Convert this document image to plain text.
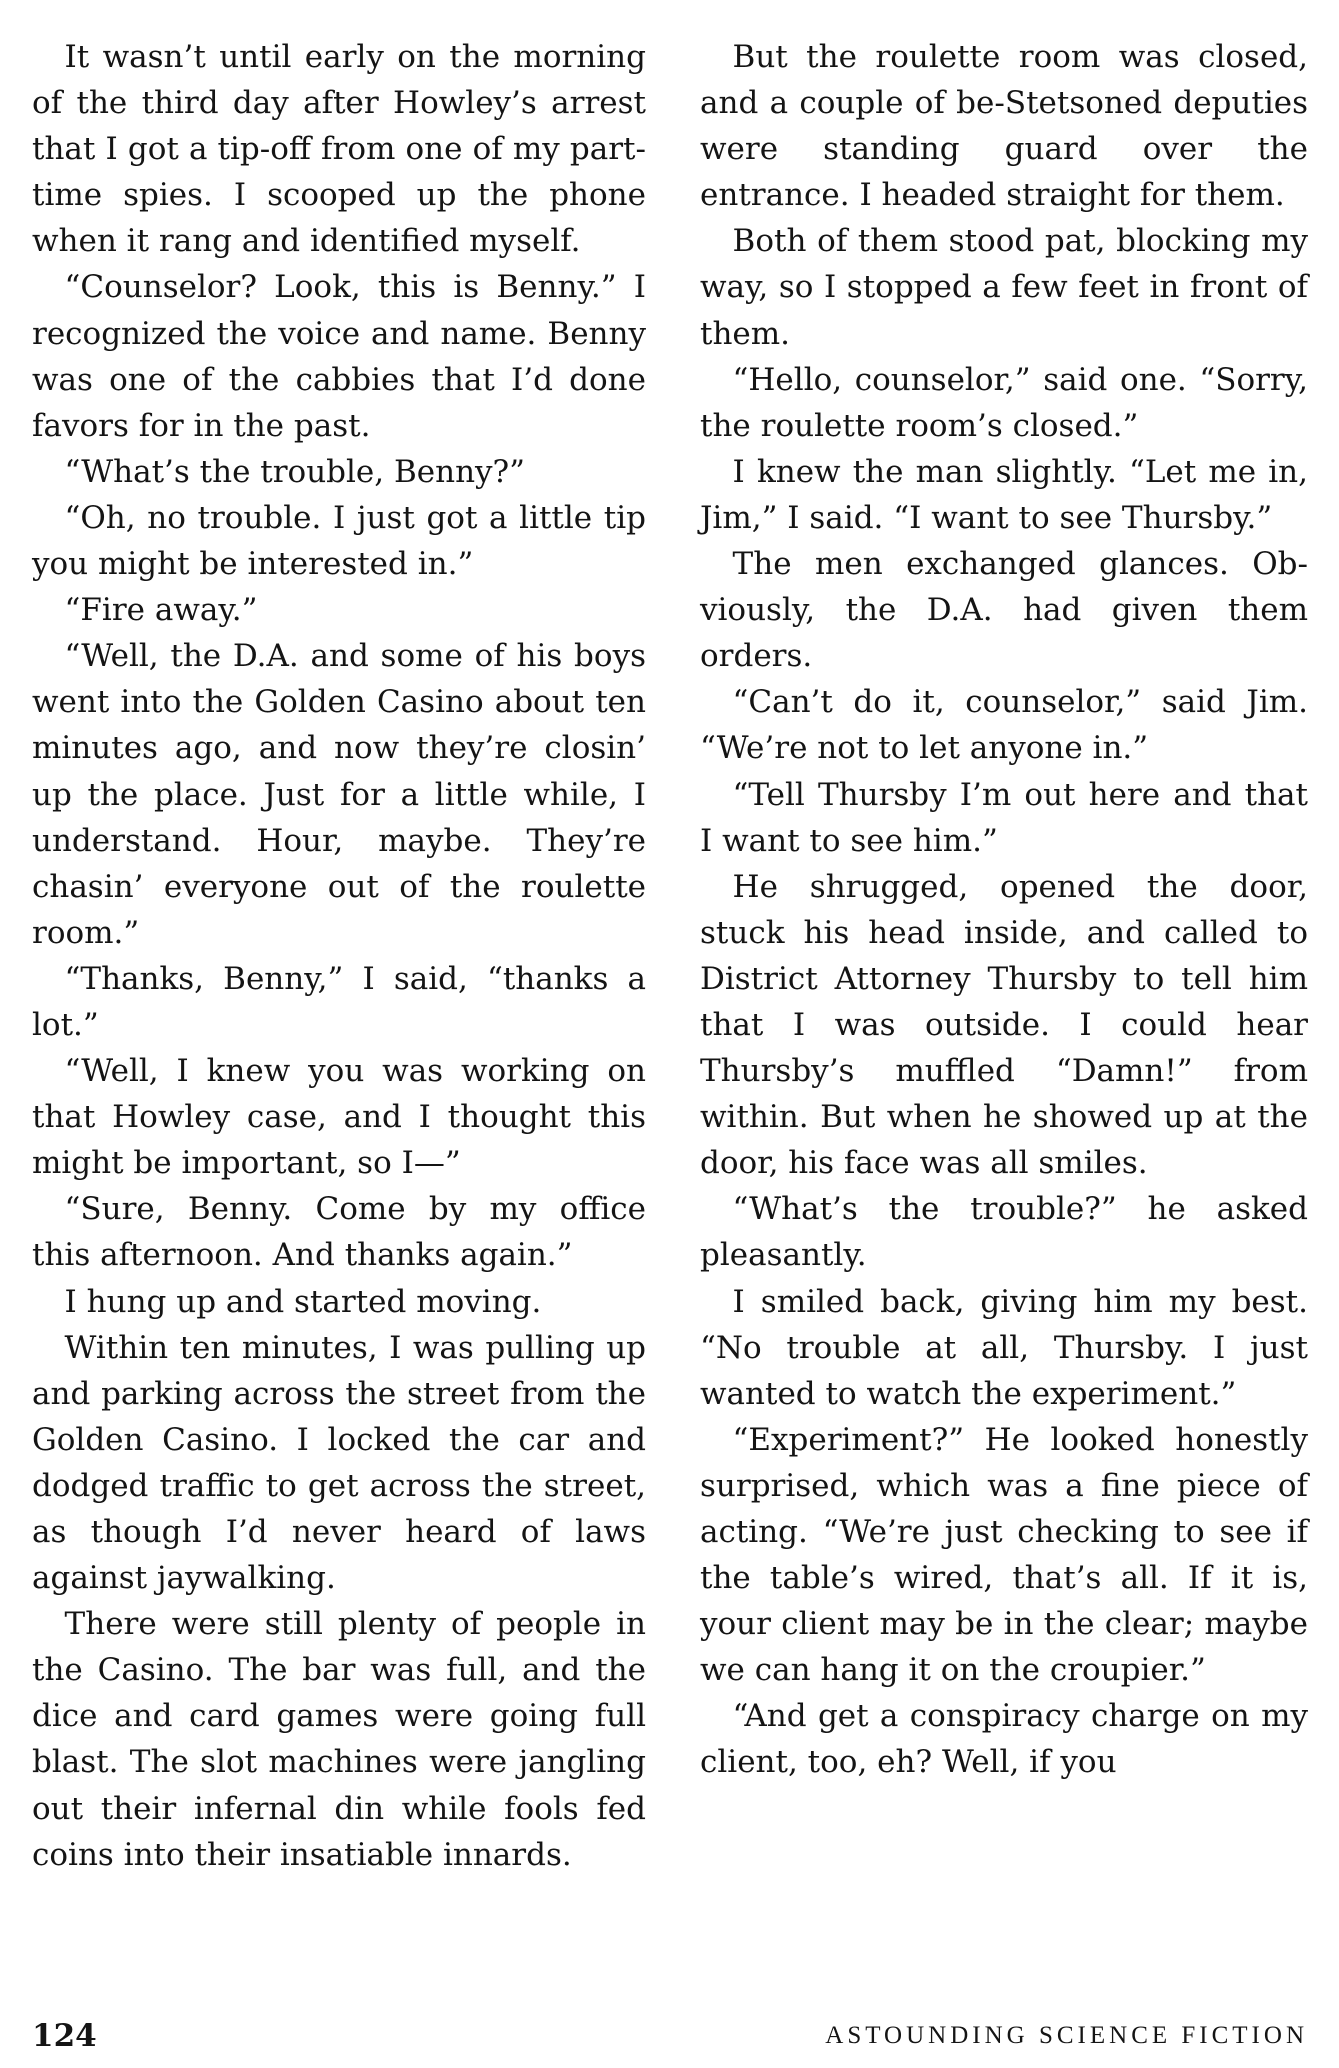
It wasn’t until early on the morning of the third day after Howley’s arrest that I got a tip-off from one of my part-time spies. I scooped up the phone when it rang and identified myself.

“Counselor? Look, this is Benny.” I recognized the voice and name. Benny was one of the cabbies that I’d done favors for in the past.

“What’s the trouble, Benny?”

“Oh, no trouble. I just got a little tip you might be interested in.”

“Fire away.”

“Well, the D.A. and some of his boys went into the Golden Casino about ten minutes ago, and now they’re closin’ up the place. Just for a little while, I understand. Hour, maybe. They’re chasin’ everyone out of the roulette room.”

“Thanks, Benny,” I said, “thanks a lot.”

“Well, I knew you was working on that Howley case, and I thought this might be important, so I—”

“Sure, Benny. Come by my office this afternoon. And thanks again.”

I hung up and started moving.

Within ten minutes, I was pulling up and parking across the street from the Golden Casino. I locked the car and dodged traffic to get across the street, as though I’d never heard of laws against jaywalking.

There were still plenty of people in the Casino. The bar was full, and the dice and card games were going full blast. The slot machines were jangling out their infernal din while fools fed coins into their insatiable innards.

But the roulette room was closed, and a couple of be-Stetsoned deputies were standing guard over the entrance. I headed straight for them.

Both of them stood pat, blocking my way, so I stopped a few feet in front of them.

“Hello, counselor,” said one. “Sorry, the roulette room’s closed.”

I knew the man slightly. “Let me in, Jim,” I said. “I want to see Thursby.”

The men exchanged glances. Obviously, the D.A. had given them orders.

“Can’t do it, counselor,” said Jim. “We’re not to let anyone in.”

“Tell Thursby I’m out here and that I want to see him.”

He shrugged, opened the door, stuck his head inside, and called to District Attorney Thursby to tell him that I was outside. I could hear Thursby’s muffled “Damn!” from within. But when he showed up at the door, his face was all smiles.

“What’s the trouble?” he asked pleasantly.

I smiled back, giving him my best. “No trouble at all, Thursby. I just wanted to watch the experiment.”

“Experiment?” He looked honestly surprised, which was a fine piece of acting. “We’re just checking to see if the table’s wired, that’s all. If it is, your client may be in the clear; maybe we can hang it on the croupier.”

“And get a conspiracy charge on my client, too, eh? Well, if you

124	ASTOUNDING SCIENCE FICTION
